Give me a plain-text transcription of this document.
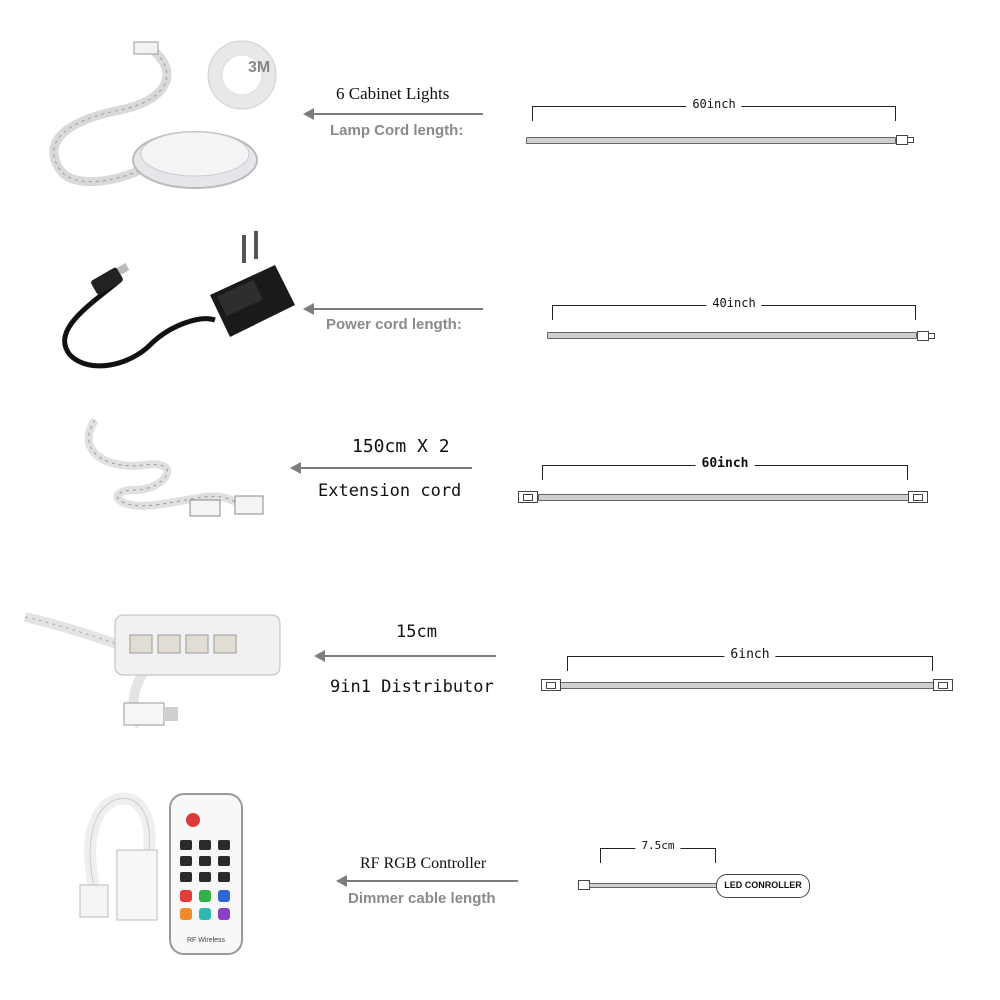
3M
6 Cabinet Lights
Lamp Cord length:
60inch
Power cord length:
40inch
150cm X 2
Extension cord
60inch
15cm
9in1 Distributor
6inch
RF Wireless
RF RGB Controller
Dimmer cable length
7.5cm
LED CONROLLER
